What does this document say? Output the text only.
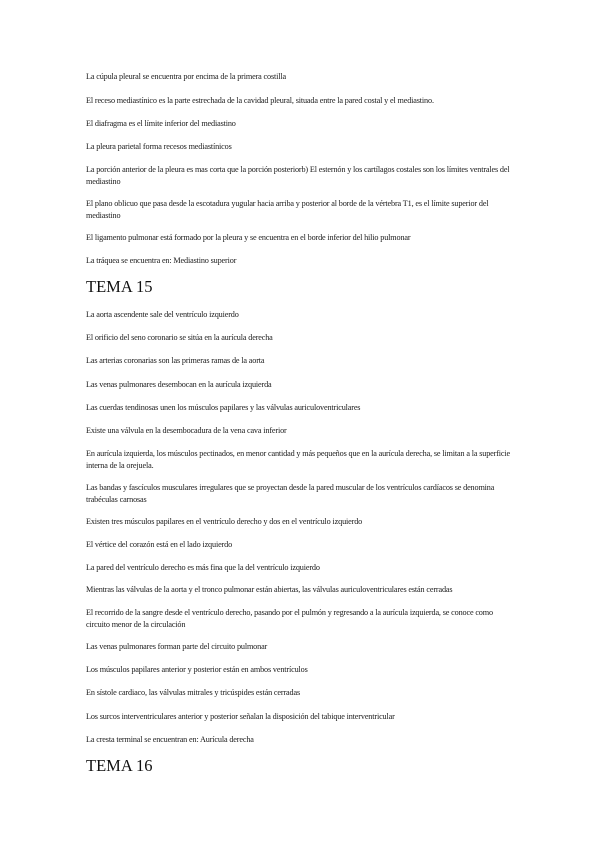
La cúpula pleural se encuentra por encima de la primera costilla

El receso mediastínico es la parte estrechada de la cavidad pleural, situada entre la pared costal y el mediastino.

El diafragma es el límite inferior del mediastino

La pleura parietal forma recesos mediastínicos

La porción anterior de la pleura es mas corta que la porción posteriorb) El esternón y los cartílagos costales son los límites ventrales del mediastino

El plano oblicuo que pasa desde la escotadura yugular hacia arriba y posterior al borde de la vértebra T1, es el límite superior del mediastino

El ligamento pulmonar está formado por la pleura y se encuentra en el borde inferior del hilio pulmonar

La tráquea se encuentra en: Mediastino superior

TEMA 15

La aorta ascendente sale del ventrículo izquierdo

El orificio del seno coronario se sitúa en la aurícula derecha

Las arterias coronarias son las primeras ramas de la aorta

Las venas pulmonares desembocan en la aurícula izquierda

Las cuerdas tendinosas unen los músculos papilares y las válvulas auriculoventriculares

Existe una válvula en la desembocadura de la vena cava inferior

En aurícula izquierda, los músculos pectinados, en menor cantidad y más pequeños que en la aurícula derecha, se limitan a la superficie interna de la orejuela.

Las bandas y fascículos musculares irregulares que se proyectan desde la pared muscular de los ventrículos cardíacos se denomina trabéculas carnosas

Existen tres músculos papilares en el ventrículo derecho y dos en el ventrículo izquierdo

El vértice del corazón está en el lado izquierdo

La pared del ventrículo derecho es más fina que la del ventrículo izquierdo

Mientras las válvulas de la aorta y el tronco pulmonar están abiertas, las válvulas auriculoventriculares están cerradas

El recorrido de la sangre desde el ventrículo derecho, pasando por el pulmón y regresando a la aurícula izquierda, se conoce como circuito menor de la circulación

Las venas pulmonares forman parte del circuito pulmonar

Los músculos papilares anterior y posterior están en ambos ventrículos

En sístole cardiaco, las válvulas mitrales y tricúspides están cerradas

Los surcos interventriculares anterior y posterior señalan la disposición del tabique interventricular

La cresta terminal se encuentran en: Aurícula derecha

TEMA 16
